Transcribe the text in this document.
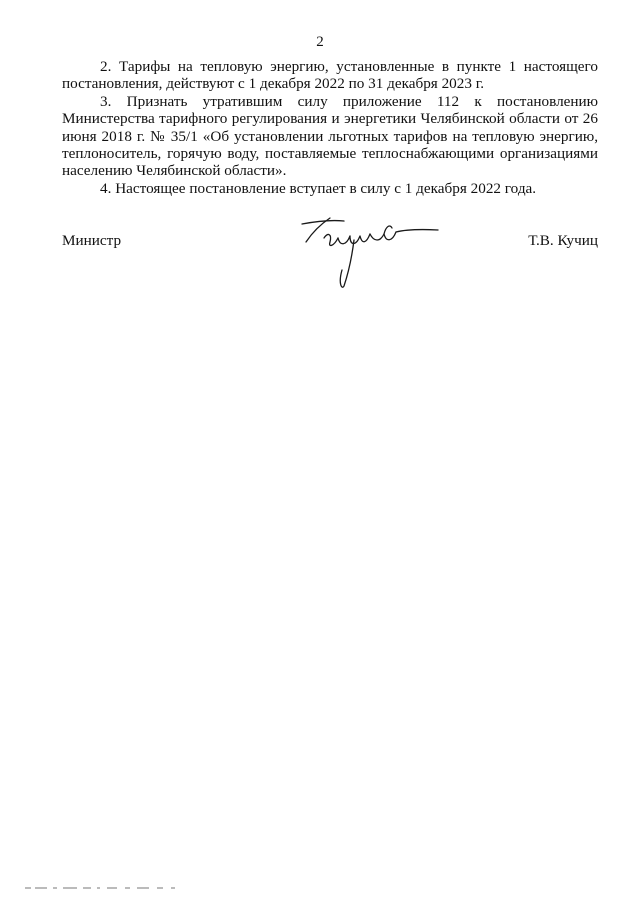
2

2. Тарифы на тепловую энергию, установленные в пункте 1 настоящего постановления, действуют с 1 декабря 2022 по 31 декабря 2023 г.

3. Признать утратившим силу приложение 112 к постановлению Министерства тарифного регулирования и энергетики Челябинской области от 26 июня 2018 г. № 35/1 «Об установлении льготных тарифов на тепловую энергию, теплоноситель, горячую воду, поставляемые теплоснабжающими организациями населению Челябинской области».

4. Настоящее постановление вступает в силу с 1 декабря 2022 года.

Министр	Т.В. Кучиц
